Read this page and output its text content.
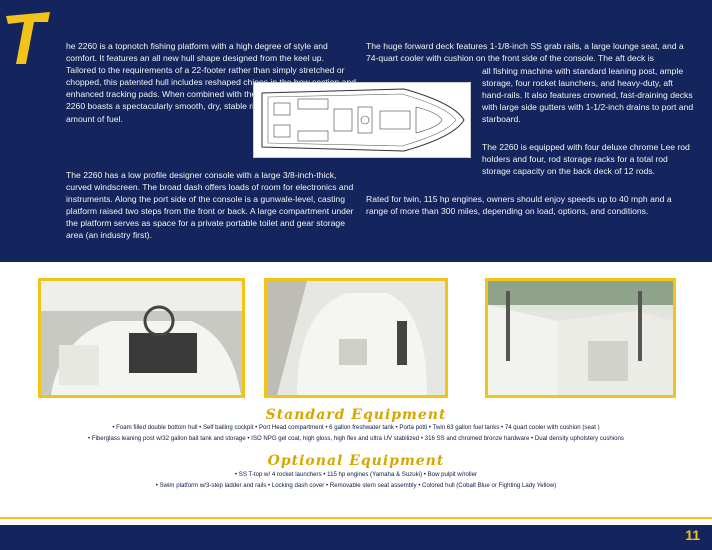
he 2260 is a topnotch fishing platform with a high degree of style and comfort. It features an all new hull shape designed from the keel up. Tailored to the requirements of a 22-footer rather than simply stretched or chopped, this patented hull includes reshaped chines in the bow section and enhanced tracking pads. When combined with the reshaped tunnel top, the 2260 boasts a spectacularly smooth, dry, stable ride while using a miserly amount of fuel.

The 2260 has a low profile designer console with a large 3/8-inch-thick, curved windscreen. The broad dash offers loads of room for electronics and instruments. Along the port side of the console is a gunwale-level, casting platform raised two steps from the front or back. A large compartment under the platform serves as space for a private portable toilet and gear storage area (an industry first).

The huge forward deck features 1-1/8-inch SS grab rails, a large lounge seat, and a 74-quart cooler with cushion on the front side of the console. The aft deck is

all fishing machine with standard leaning post, ample storage, four rocket launchers, and heavy-duty, aft hand-rails. It also features crowned, fast-draining decks with large side gutters with 1-1/2-inch drains to port and starboard.

The 2260 is equipped with four deluxe chrome Lee rod holders and four, rod storage racks for a total rod storage capacity on the back deck of 12 rods.

Rated for twin, 115 hp engines, owners should enjoy speeds up to 40 mph and a range of more than 300 miles, depending on load, options, and conditions.

Standard Equipment
• Foam filled double bottom hull • Self bailing cockpit • Port Head compartment • 6 gallon freshwater tank • Porta potti • Twin 63 gallon fuel tanks • 74 quart cooler with cushion (seat )
• Fiberglass leaning post w/32 gallon bait tank and storage • ISO NPG gel coat, high gloss, high flex and ultra UV stabilized • 316 SS and chromed bronze hardware • Dual density upholstery cushions
Optional Equipment
• SS T-top w/ 4 rocket launchers • 115 hp engines (Yamaha & Suzuki) • Bow pulpit w/roller
• Swim platform w/3-step ladder and rails • Locking dash cover • Removable stern seat assembly • Colored hull (Cobalt Blue or Fighting Lady Yellow)
11
